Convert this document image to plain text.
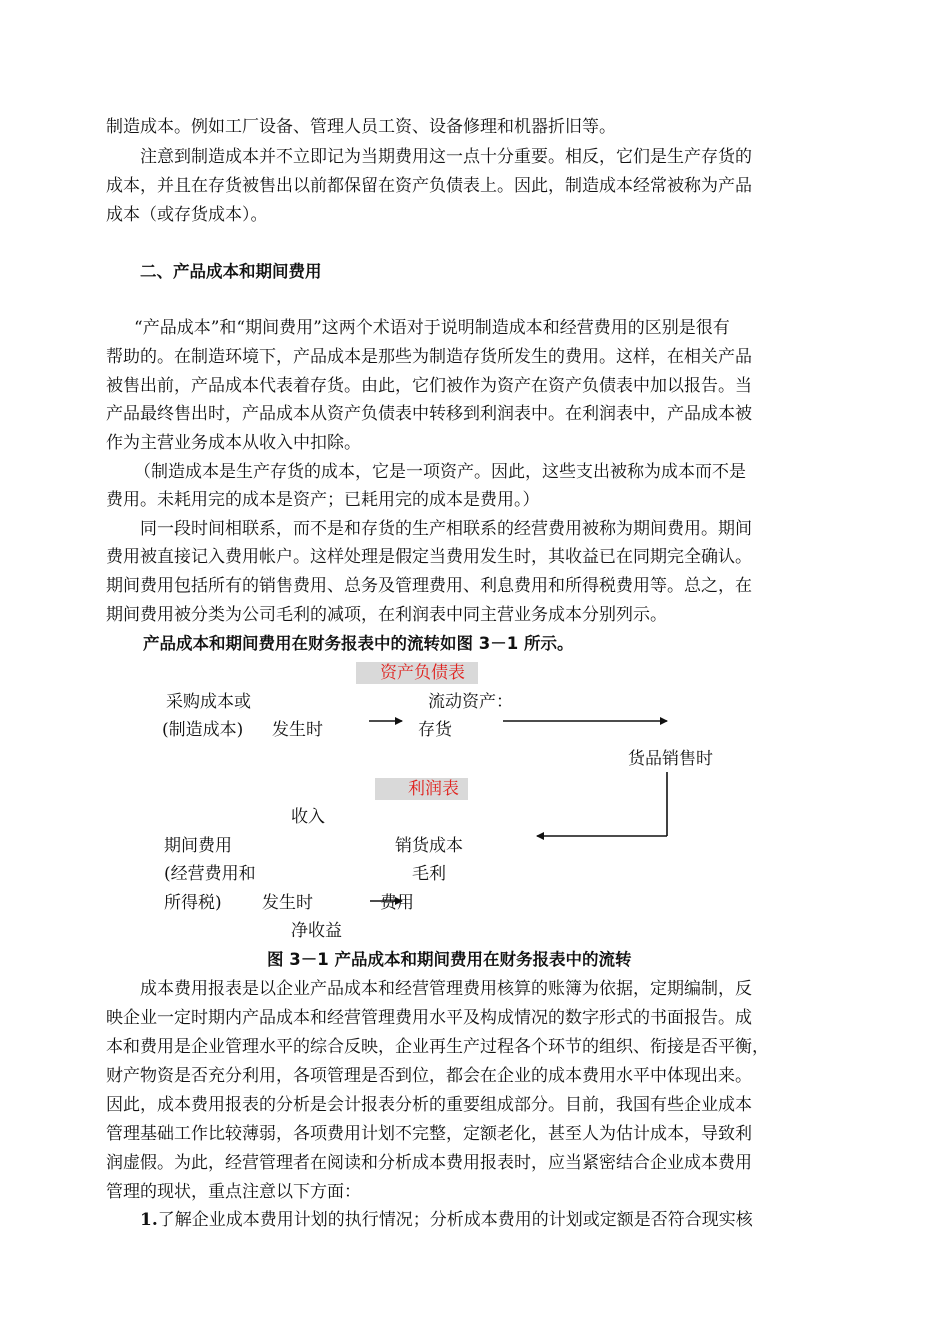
制造成本。例如工厂设备、管理人员工资、设备修理和机器折旧等。
注意到制造成本并不立即记为当期费用这一点十分重要。相反，它们是生产存货的
成本，并且在存货被售出以前都保留在资产负债表上。因此，制造成本经常被称为产品
成本（或存货成本）。
二、产品成本和期间费用
“产品成本”和“期间费用”这两个术语对于说明制造成本和经营费用的区别是很有
帮助的。在制造环境下，产品成本是那些为制造存货所发生的费用。这样，在相关产品
被售出前，产品成本代表着存货。由此，它们被作为资产在资产负债表中加以报告。当
产品最终售出时，产品成本从资产负债表中转移到利润表中。在利润表中，产品成本被
作为主营业务成本从收入中扣除。
（制造成本是生产存货的成本，它是一项资产。因此，这些支出被称为成本而不是
费用。未耗用完的成本是资产；已耗用完的成本是费用。）
同一段时间相联系，而不是和存货的生产相联系的经营费用被称为期间费用。期间
费用被直接记入费用帐户。这样处理是假定当费用发生时，其收益已在同期完全确认。
期间费用包括所有的销售费用、总务及管理费用、利息费用和所得税费用等。总之，在
期间费用被分类为公司毛利的减项，在利润表中同主营业务成本分别列示。
产品成本和期间费用在财务报表中的流转如图 3－1 所示。
资产负债表
采购成本或
(制造成本) 发生时
流动资产：
存货
货品销售时
利润表
收入
期间费用	销货成本
(经营费用和	毛利
所得税) 发生时	费用
净收益
图 3－1 产品成本和期间费用在财务报表中的流转
成本费用报表是以企业产品成本和经营管理费用核算的账簿为依据，定期编制，反
映企业一定时期内产品成本和经营管理费用水平及构成情况的数字形式的书面报告。成
本和费用是企业管理水平的综合反映，企业再生产过程各个环节的组织、衔接是否平衡，
财产物资是否充分利用，各项管理是否到位，都会在企业的成本费用水平中体现出来。
因此，成本费用报表的分析是会计报表分析的重要组成部分。目前，我国有些企业成本
管理基础工作比较薄弱，各项费用计划不完整，定额老化，甚至人为估计成本，导致利
润虚假。为此，经营管理者在阅读和分析成本费用报表时，应当紧密结合企业成本费用
管理的现状，重点注意以下方面：
1.了解企业成本费用计划的执行情况；分析成本费用的计划或定额是否符合现实核
